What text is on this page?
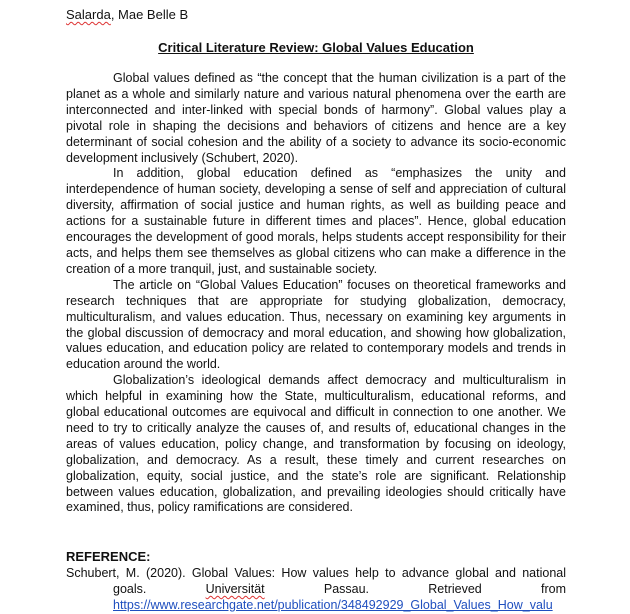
Salarda, Mae Belle B
Critical Literature Review: Global Values Education

Global values defined as “the concept that the human civilization is a part of the planet as a whole and similarly nature and various natural phenomena over the earth are interconnected and inter-linked with special bonds of harmony”. Global values play a pivotal role in shaping the decisions and behaviors of citizens and hence are a key determinant of social cohesion and the ability of a society to advance its socio-economic development inclusively (Schubert, 2020).

In addition, global education defined as “emphasizes the unity and interdependence of human society, developing a sense of self and appreciation of cultural diversity, affirmation of social justice and human rights, as well as building peace and actions for a sustainable future in different times and places”. Hence, global education encourages the development of good morals, helps students accept responsibility for their acts, and helps them see themselves as global citizens who can make a difference in the creation of a more tranquil, just, and sustainable society.

The article on “Global Values Education” focuses on theoretical frameworks and research techniques that are appropriate for studying globalization, democracy, multiculturalism, and values education. Thus, necessary on examining key arguments in the global discussion of democracy and moral education, and showing how globalization, values education, and education policy are related to contemporary models and trends in education around the world.

Globalization’s ideological demands affect democracy and multiculturalism in which helpful in examining how the State, multiculturalism, educational reforms, and global educational outcomes are equivocal and difficult in connection to one another. We need to try to critically analyze the causes of, and results of, educational changes in the areas of values education, policy change, and transformation by focusing on ideology, globalization, and democracy. As a result, these timely and current researches on globalization, equity, social justice, and the state’s role are significant. Relationship between values education, globalization, and prevailing ideologies should critically have examined, thus, policy ramifications are considered.

REFERENCE:
Schubert, M. (2020). Global Values: How values help to advance global and national goals. Universität Passau. Retrieved from https://www.researchgate.net/publication/348492929_Global_Values_How_valu
